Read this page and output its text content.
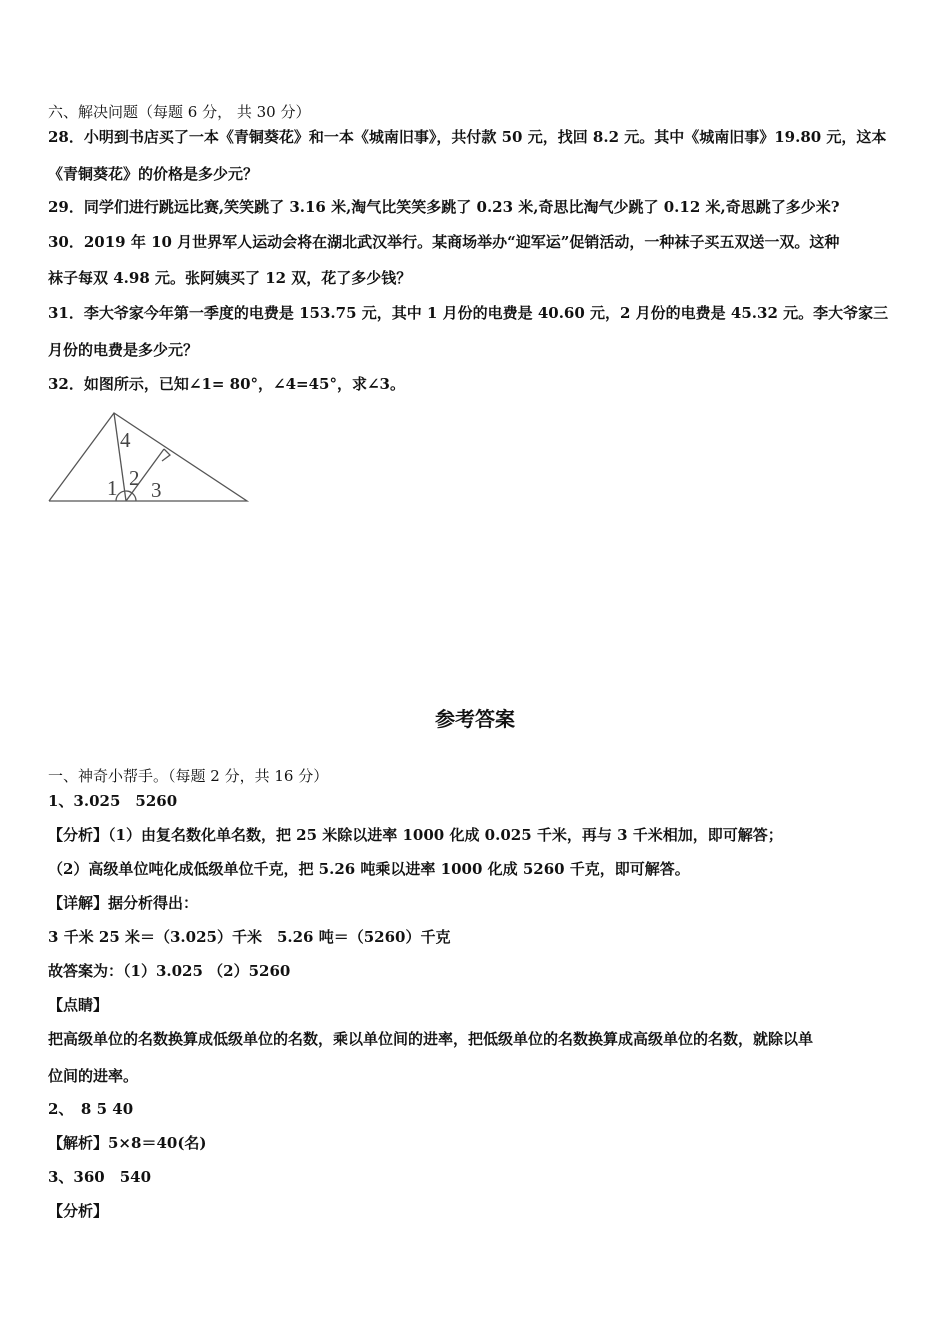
六、解决问题（每题 6 分， 共 30 分）
28．小明到书店买了一本《青铜葵花》和一本《城南旧事》，共付款 50 元，找回 8.2 元。其中《城南旧事》19.80 元，这本
《青铜葵花》的价格是多少元？
29．同学们进行跳远比赛,笑笑跳了 3.16 米,淘气比笑笑多跳了 0.23 米,奇思比淘气少跳了 0.12 米,奇思跳了多少米?
30．2019 年 10 月世界军人运动会将在湖北武汉举行。某商场举办“迎军运”促销活动，一种袜子买五双送一双。这种
袜子每双 4.98 元。张阿姨买了 12 双，花了多少钱？
31．李大爷家今年第一季度的电费是 153.75 元，其中 1 月份的电费是 40.60 元，2 月份的电费是 45.32 元。李大爷家三
月份的电费是多少元？
32．如图所示，已知∠1= 80°，∠4=45°，求∠3。
4
2
1 3
参考答案
一、神奇小帮手。（每题 2 分，共 16 分）
1、3.025　5260
【分析】（1）由复名数化单名数，把 25 米除以进率 1000 化成 0.025 千米，再与 3 千米相加，即可解答；
（2）高级单位吨化成低级单位千克，把 5.26 吨乘以进率 1000 化成 5260 千克，即可解答。
【详解】据分析得出：
3 千米 25 米＝（3.025）千米　5.26 吨＝（5260）千克
故答案为：（1）3.025 （2）5260
【点睛】
把高级单位的名数换算成低级单位的名数，乘以单位间的进率，把低级单位的名数换算成高级单位的名数，就除以单
位间的进率。
2、　8 5 40
【解析】5×8＝40(名)
3、360　540
【分析】
